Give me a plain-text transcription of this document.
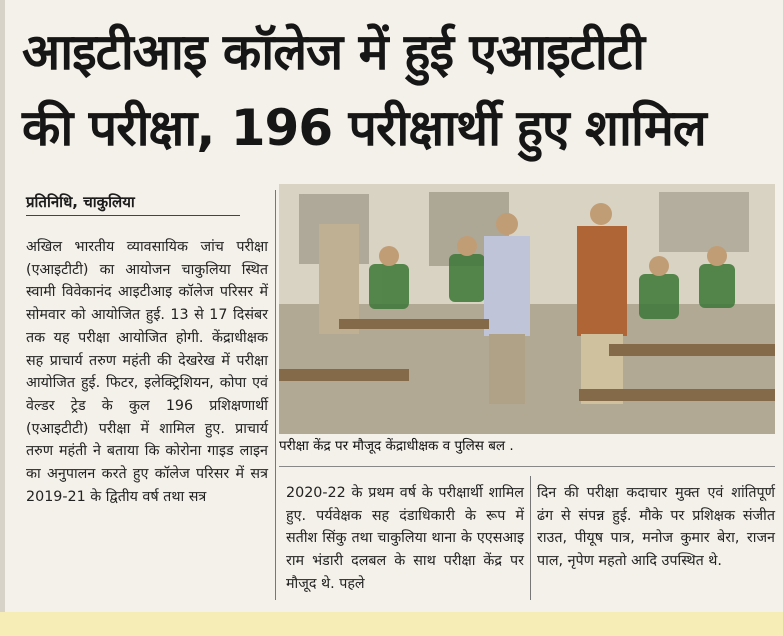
आइटीआइ कॉलेज में हुई एआइटीटी
की परीक्षा, 196 परीक्षार्थी हुए शामिल
प्रतिनिधि, चाकुलिया
अखिल भारतीय व्यावसायिक जांच परीक्षा (एआइटीटी) का आयोजन चाकुलिया स्थित स्वामी विवेकानंद आइटीआइ कॉलेज परिसर में सोमवार को आयोजित हुई. 13 से 17 दिसंबर तक यह परीक्षा आयोजित होगी. केंद्राधीक्षक सह प्राचार्य तरुण महंती की देखरेख में परीक्षा आयोजित हुई. फिटर, इलेक्ट्रिशियन, कोपा एवं वेल्डर ट्रेड के कुल 196 प्रशिक्षणार्थी (एआइटीटी) परीक्षा में शामिल हुए. प्राचार्य तरुण महंती ने बताया कि कोरोना गाइड लाइन का अनुपालन करते हुए कॉलेज परिसर में सत्र 2019-21 के द्वितीय वर्ष तथा सत्र
परीक्षा केंद्र पर मौजूद केंद्राधीक्षक व पुलिस बल .
2020-22 के प्रथम वर्ष के परीक्षार्थी शामिल हुए. पर्यवेक्षक सह दंडाधिकारी के रूप में सतीश सिंकु तथा चाकुलिया थाना के एएसआइ राम भंडारी दलबल के साथ परीक्षा केंद्र पर मौजूद थे. पहले
दिन की परीक्षा कदाचार मुक्त एवं शांतिपूर्ण ढंग से संपन्न हुई. मौके पर प्रशिक्षक संजीत राउत, पीयूष पात्र, मनोज कुमार बेरा, राजन पाल, नृपेण महतो आदि उपस्थित थे.
